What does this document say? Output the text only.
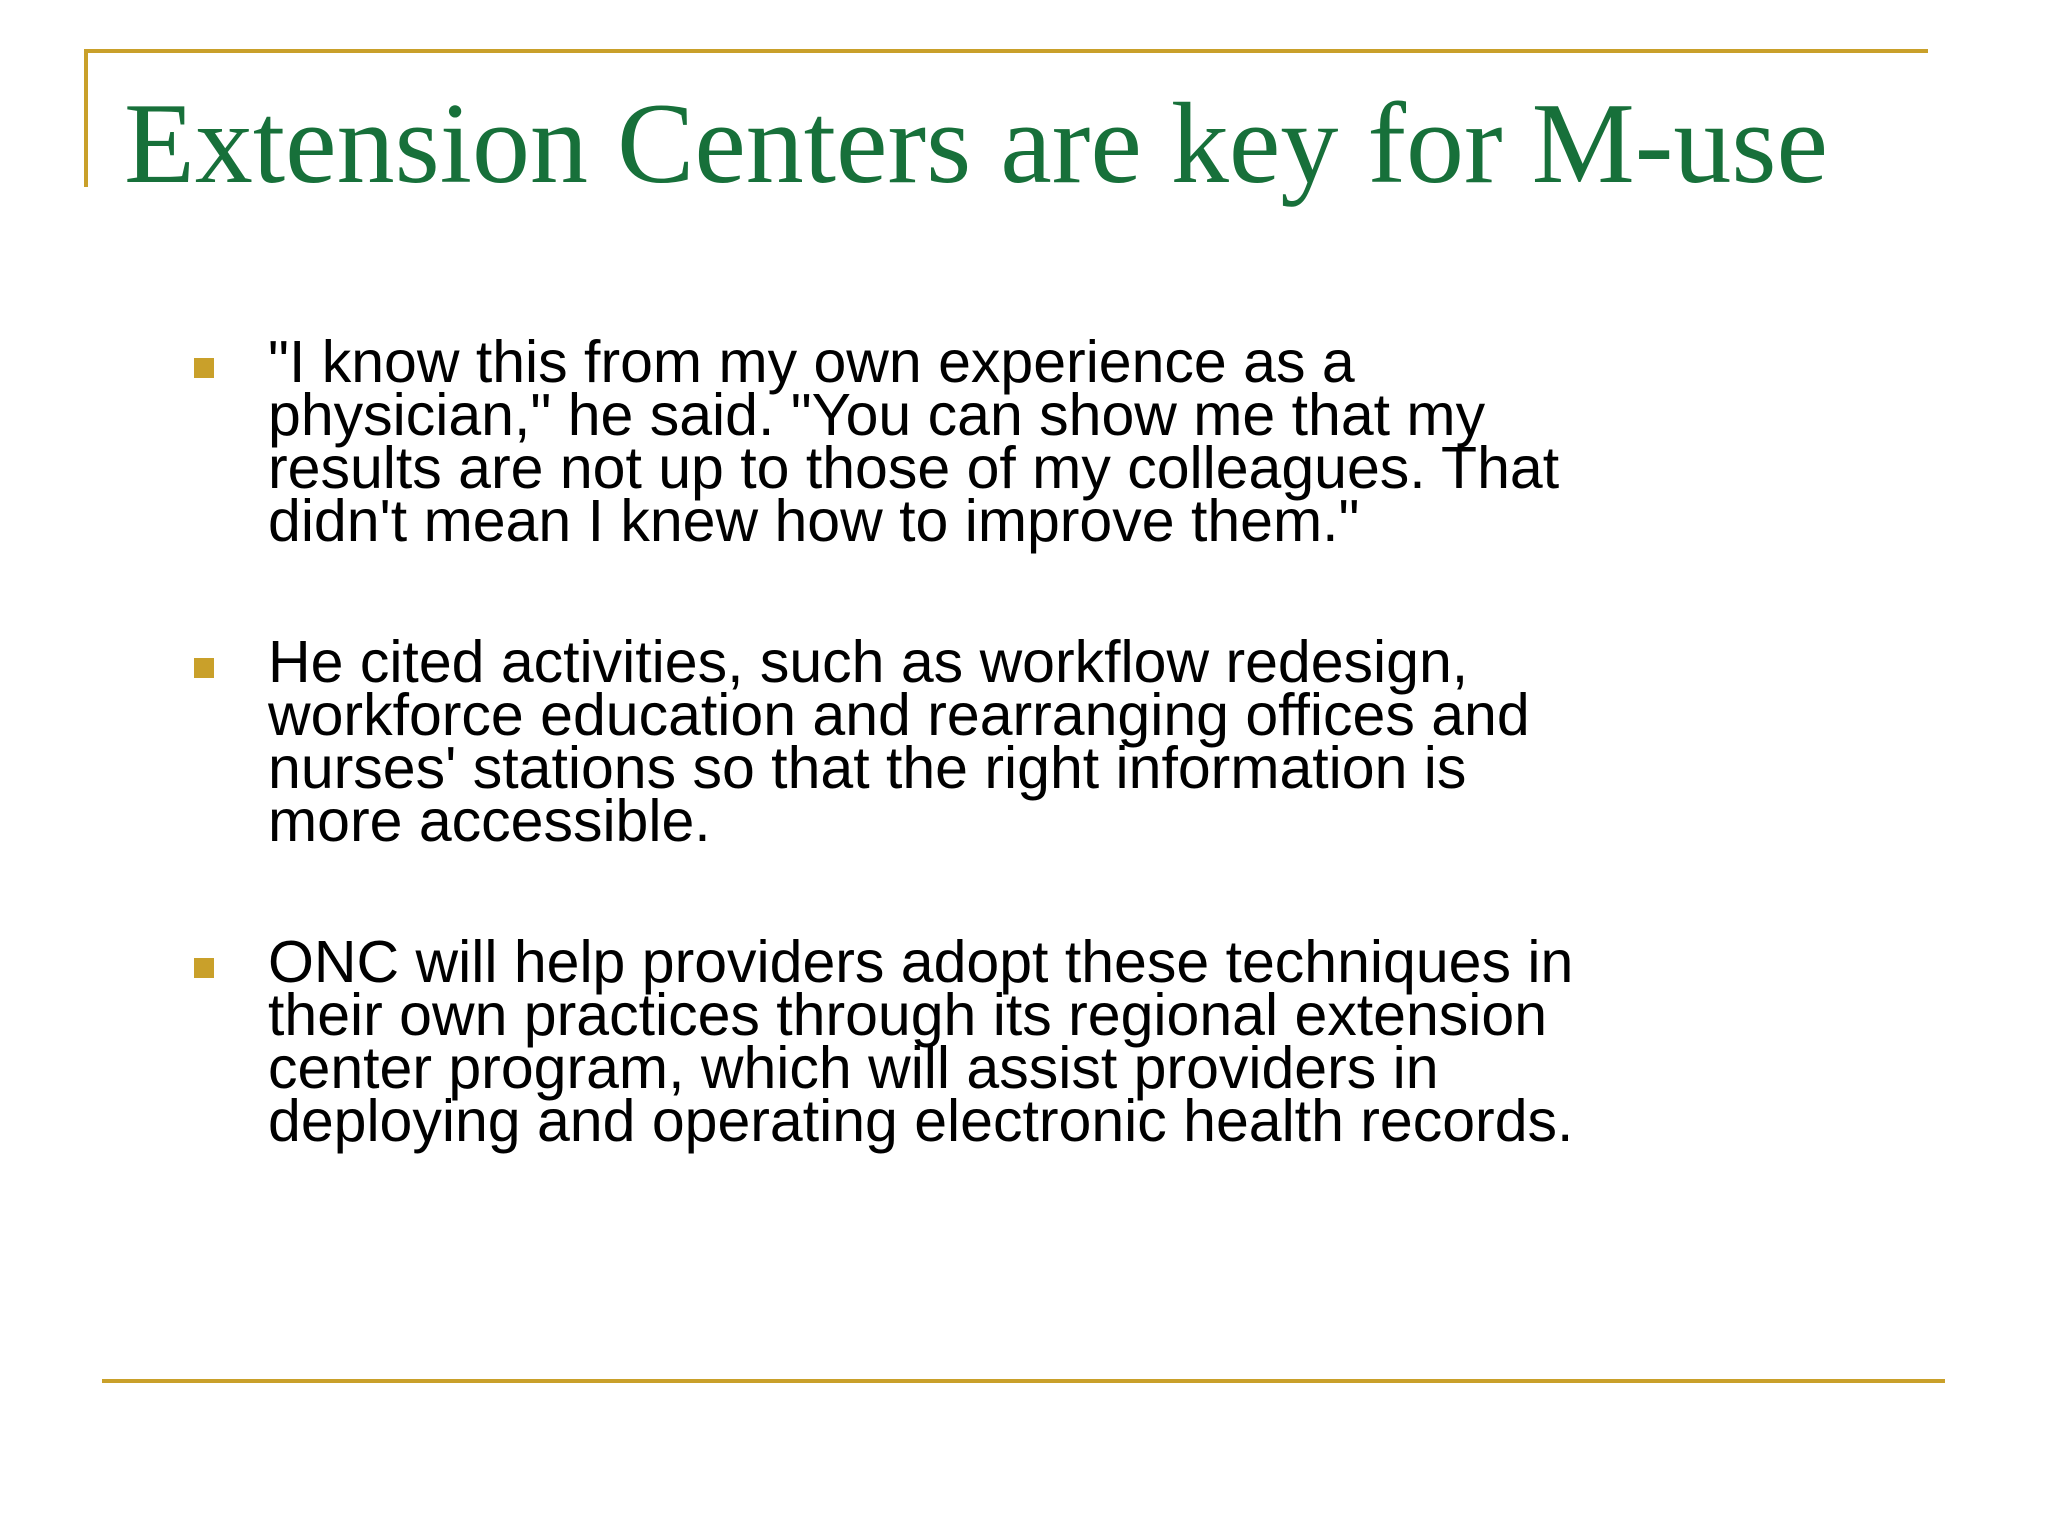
Extension Centers are key for M-use
"I know this from my own experience as a physician," he said. "You can show me that my results are not up to those of my colleagues. That didn't mean I knew how to improve them."
He cited activities, such as workflow redesign, workforce education and rearranging offices and nurses' stations so that the right information is more accessible.
ONC will help providers adopt these techniques in their own practices through its regional extension center program, which will assist providers in deploying and operating electronic health records.
